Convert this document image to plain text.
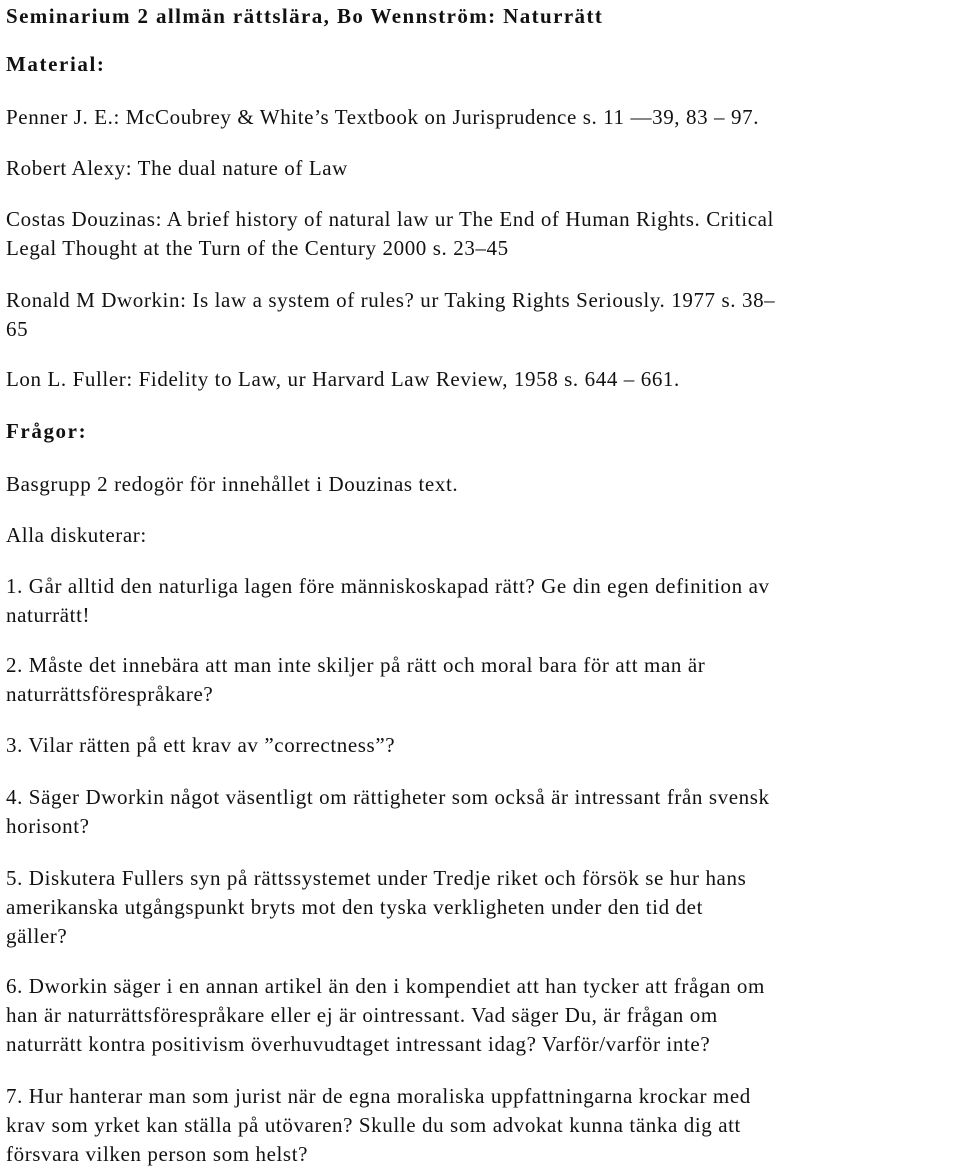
Seminarium 2 allmän rättslära, Bo Wennström: Naturrätt
Material:
Penner J. E.: McCoubrey & White’s Textbook on Jurisprudence s. 11 —39, 83 – 97.
Robert Alexy: The dual nature of Law
Costas Douzinas: A brief history of natural law ur The End of Human Rights. Critical
Legal Thought at the Turn of the Century 2000 s. 23–45
Ronald M Dworkin: Is law a system of rules? ur Taking Rights Seriously. 1977 s. 38–
65
Lon L. Fuller: Fidelity to Law, ur Harvard Law Review, 1958 s. 644 – 661.
Frågor:
Basgrupp 2 redogör för innehållet i Douzinas text.
Alla diskuterar:
1. Går alltid den naturliga lagen före människoskapad rätt? Ge din egen definition av
naturrätt!
2. Måste det innebära att man inte skiljer på rätt och moral bara för att man är
naturrättsförespråkare?
3. Vilar rätten på ett krav av ”correctness”?
4. Säger Dworkin något väsentligt om rättigheter som också är intressant från svensk
horisont?
5. Diskutera Fullers syn på rättssystemet under Tredje riket och försök se hur hans
amerikanska utgångspunkt bryts mot den tyska verkligheten under den tid det
gäller?
6. Dworkin säger i en annan artikel än den i kompendiet att han tycker att frågan om
han är naturrättsförespråkare eller ej är ointressant. Vad säger Du, är frågan om
naturrätt kontra positivism överhuvudtaget intressant idag? Varför/varför inte?
7. Hur hanterar man som jurist när de egna moraliska uppfattningarna krockar med
krav som yrket kan ställa på utövaren? Skulle du som advokat kunna tänka dig att
försvara vilken person som helst?
